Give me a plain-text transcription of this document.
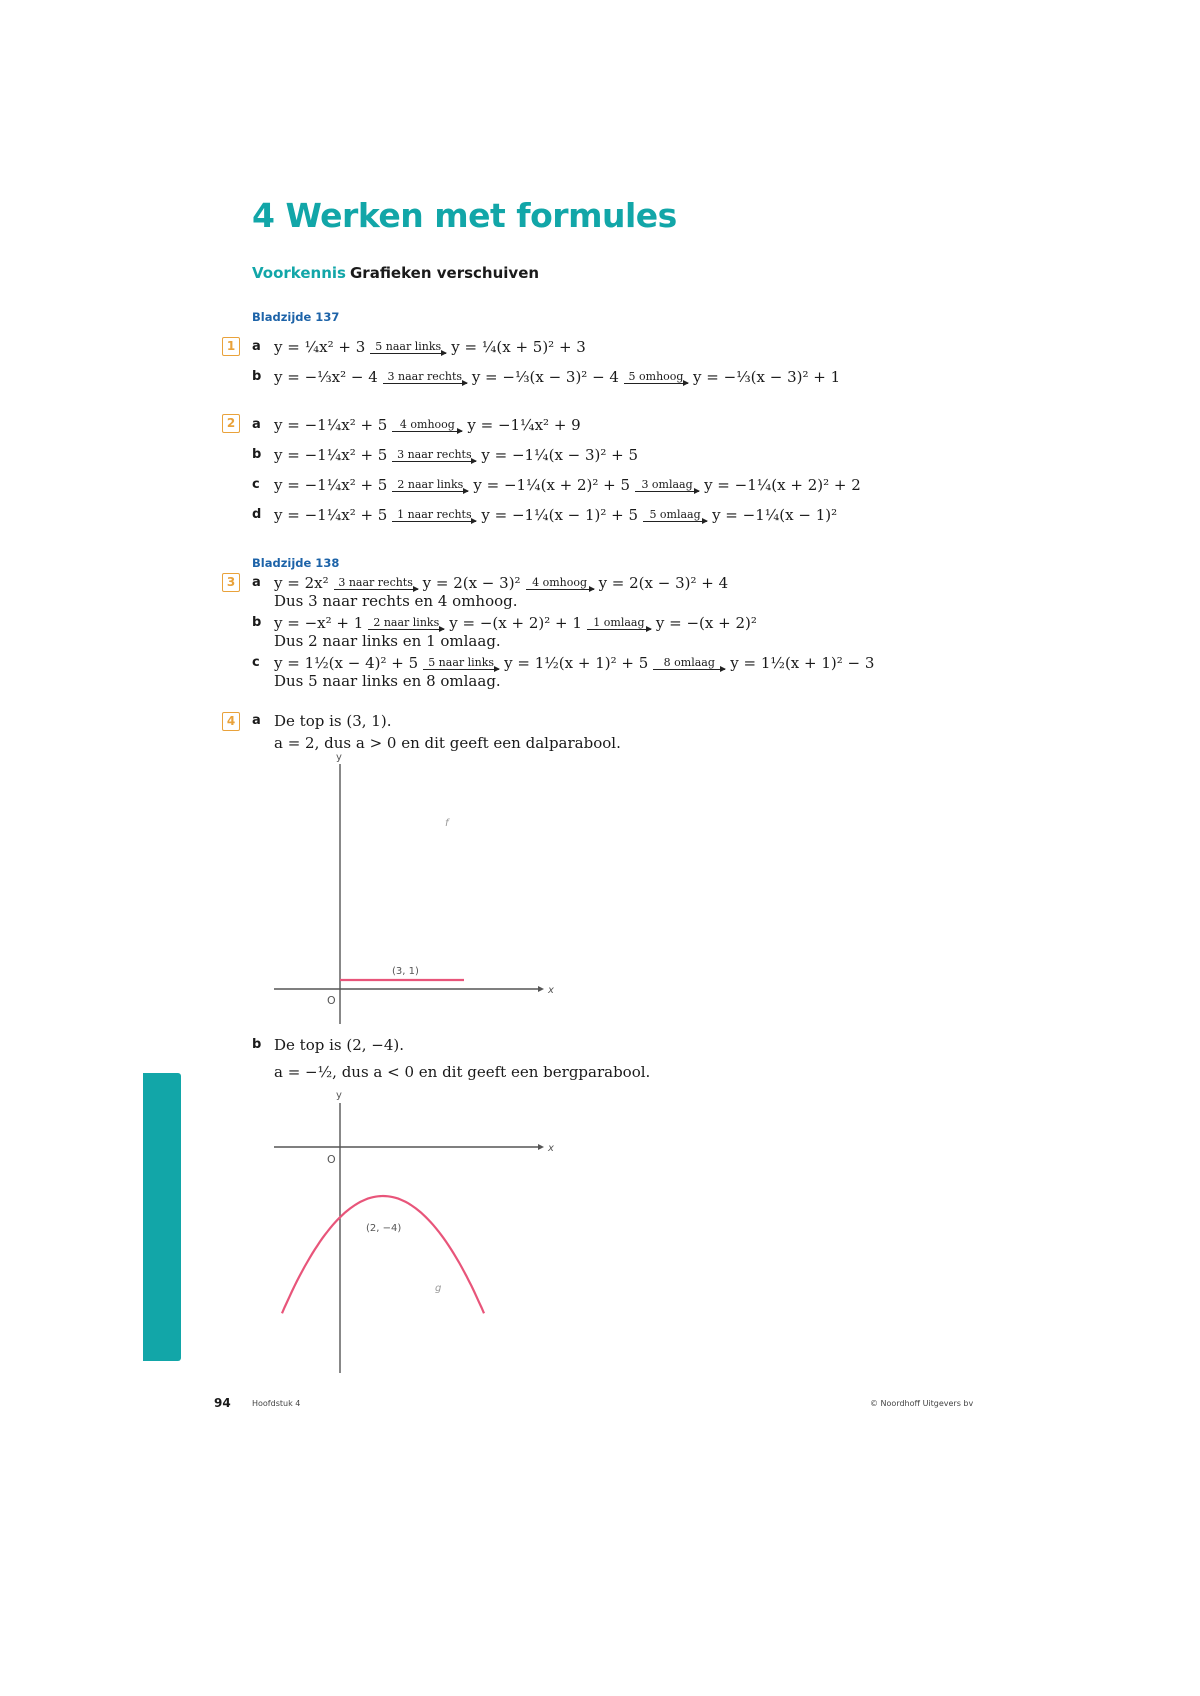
4 Werken met formules
Voorkennis Grafieken verschuiven
Bladzijde 137
1	a y = ¼x² + 3 5 naar links y = ¼(x + 5)² + 3
b y = −⅓x² − 4 3 naar rechts y = −⅓(x − 3)² − 4 5 omhoog y = −⅓(x − 3)² + 1
2	a y = −1¼x² + 5 4 omhoog y = −1¼x² + 9
b y = −1¼x² + 5 3 naar rechts y = −1¼(x − 3)² + 5
c y = −1¼x² + 5 2 naar links y = −1¼(x + 2)² + 5 3 omlaag y = −1¼(x + 2)² + 2
d y = −1¼x² + 5 1 naar rechts y = −1¼(x − 1)² + 5 5 omlaag y = −1¼(x − 1)²
Bladzijde 138
3	a y = 2x² 3 naar rechts y = 2(x − 3)² 4 omhoog y = 2(x − 3)² + 4
Dus 3 naar rechts en 4 omhoog.
b y = −x² + 1 2 naar links y = −(x + 2)² + 1 1 omlaag y = −(x + 2)²
Dus 2 naar links en 1 omlaag.
c y = 1½(x − 4)² + 5 5 naar links y = 1½(x + 1)² + 5 8 omlaag y = 1½(x + 1)² − 3
Dus 5 naar links en 8 omlaag.
4	a De top is (3, 1).
a = 2, dus a > 0 en dit geeft een dalparabool.
y
x
O
f
(3, 1)
b De top is (2, −4).
a = −½, dus a < 0 en dit geeft een bergparabool.
y
x
O
g
(2, −4)
94	Hoofdstuk 4	© Noordhoff Uitgevers bv
